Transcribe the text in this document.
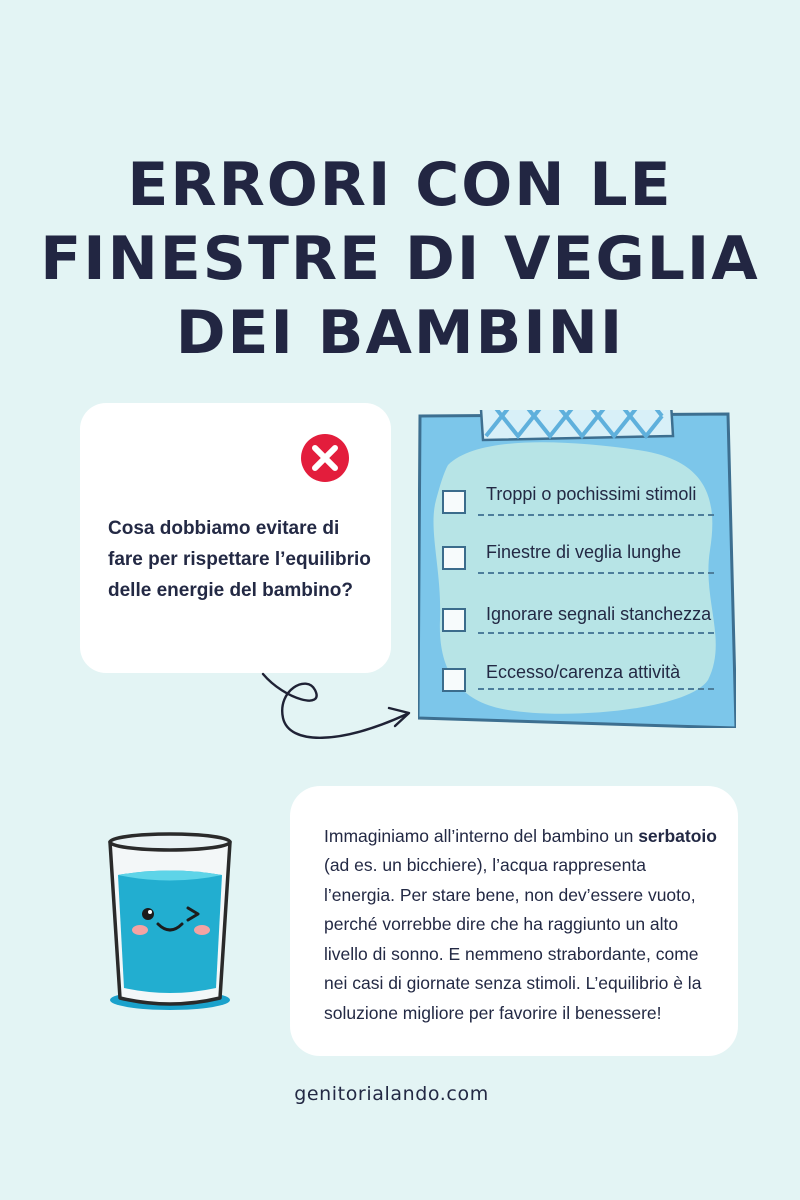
ERRORI CON LE
FINESTRE DI VEGLIA
DEI BAMBINI
Cosa dobbiamo evitare di fare per rispettare l’equilibrio delle energie del bambino?
Troppi o pochissimi stimoli
Finestre di veglia lunghe
Ignorare segnali stanchezza
Eccesso/carenza attività

Immaginiamo all’interno del bambino un serbatoio (ad es. un bicchiere), l’acqua rappresenta l’energia. Per stare bene, non dev’essere vuoto, perché vorrebbe dire che ha raggiunto un alto livello di sonno. E nemmeno strabordante, come nei casi di giornate senza stimoli. L’equilibrio è la soluzione migliore per favorire il benessere!

genitorialando.com
